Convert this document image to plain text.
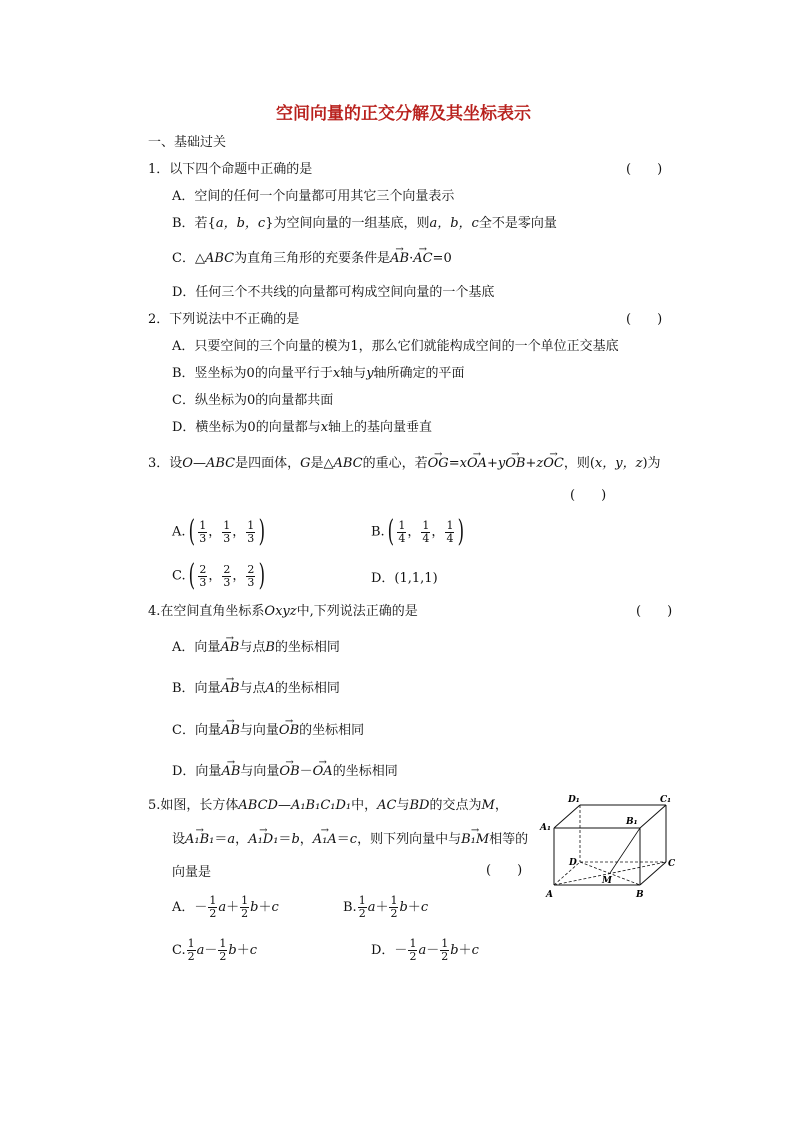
空间向量的正交分解及其坐标表示
一、基础过关
1．以下四个命题中正确的是	(　　)
A．空间的任何一个向量都可用其它三个向量表示
B．若{a，b，c}为空间向量的一组基底，则a，b，c全不是零向量
C．△ABC为直角三角形的充要条件是→ AB·→ AC=0
D．任何三个不共线的向量都可构成空间向量的一个基底
2．下列说法中不正确的是	(　　)
A．只要空间的三个向量的模为1，那么它们就能构成空间的一个单位正交基底
B．竖坐标为0的向量平行于x轴与y轴所确定的平面
C．纵坐标为0的向量都共面
D．横坐标为0的向量都与x轴上的基向量垂直
3．设O—ABC是四面体，G是△ABC的重心，若→ OG=x→ OA+y→ OB+z→ OC，则(x，y，z)为
(　　)
$A.( \frac{1}{3}$ ， $\frac{1}{3}$ ， $\frac{1}{3}$ )	$B.( \frac{1}{4}$ ， $\frac{1}{4}$ ， $\frac{1}{4}$ )
$C.( \frac{2}{3}$ ， $\frac{2}{3}$ ， $\frac{2}{3}$ )	D．(1,1,1)
4.在空间直角坐标系Oxyz中,下列说法正确的是	(　　)
A．向量→ AB与点B的坐标相同
B．向量→ AB与点A的坐标相同
C．向量→ AB与向量→ OB的坐标相同
D．向量→ AB与向量→ OB－→ OA的坐标相同
5.如图，长方体ABCD—A₁B₁C₁D₁中，AC与BD的交点为M，
设→ A₁B₁＝a，→ A₁D₁＝b，→ A₁A＝c，则下列向量中与→ B₁M相等的
向量是	(　　)
A．－ $\frac{1}{2} a+ \frac{1}{2} b+c$	B. $\frac{1}{2} a+ \frac{1}{2} b+c$
C. $\frac{1}{2} a- \frac{1}{2} b+c$	D．－ $\frac{1}{2} a- \frac{1}{2} b+c$
D₁	C₁
A₁
B₁
D	C
A	B
M
